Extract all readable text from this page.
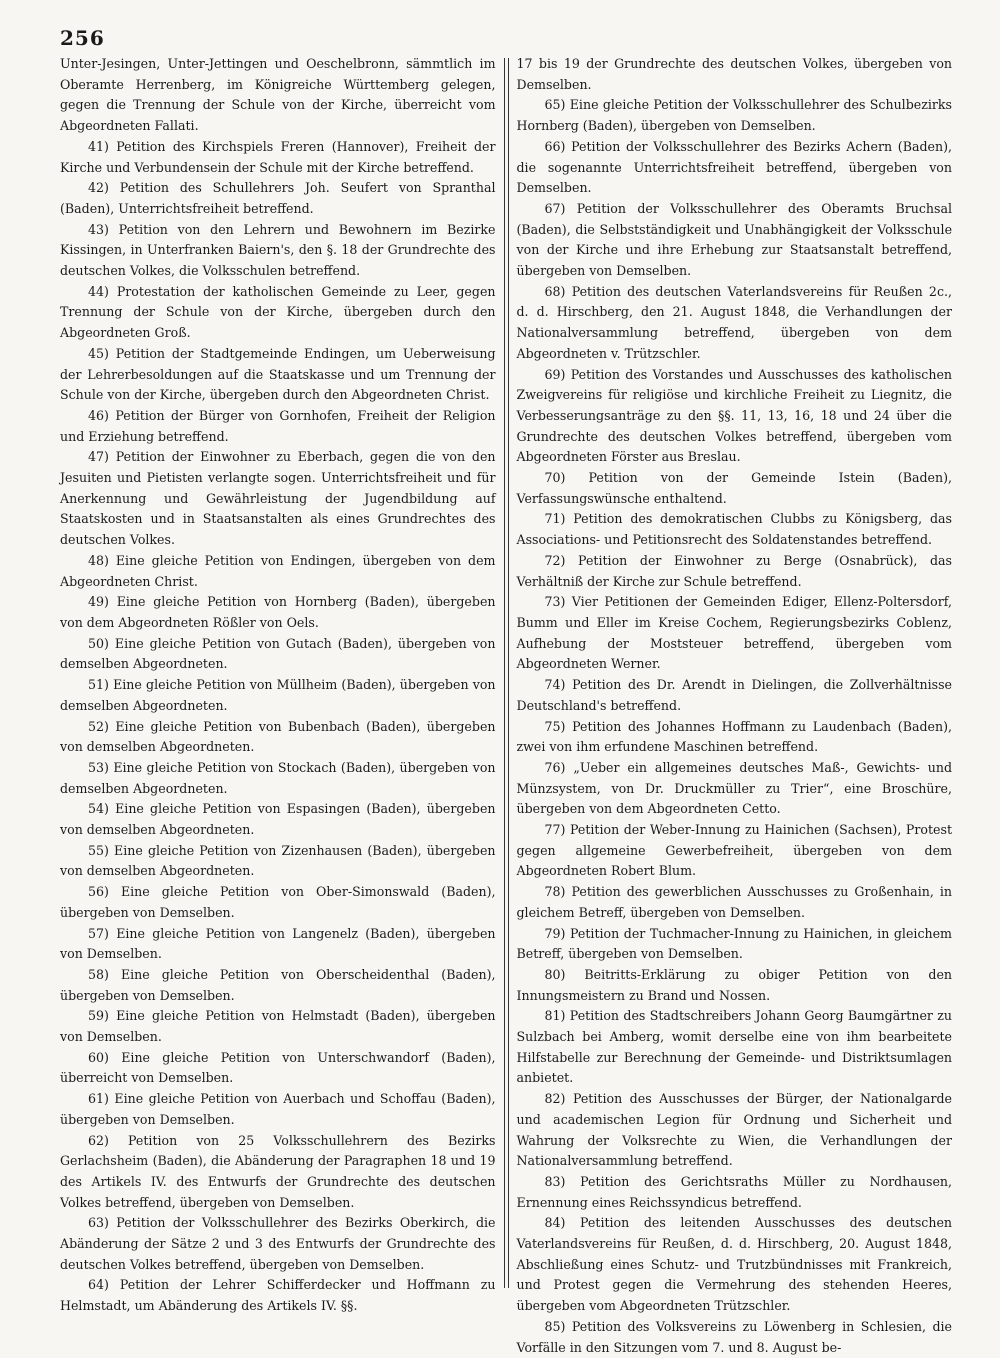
256

Unter-Jesingen, Unter-Jettingen und Oeschelbronn, sämmtlich im Oberamte Herrenberg, im Königreiche Württemberg gelegen, gegen die Trennung der Schule von der Kirche, überreicht vom Abgeordneten Fallati.

41) Petition des Kirchspiels Freren (Hannover), Freiheit der Kirche und Verbundensein der Schule mit der Kirche betreffend.

42) Petition des Schullehrers Joh. Seufert von Spranthal (Baden), Unterrichtsfreiheit betreffend.

43) Petition von den Lehrern und Bewohnern im Bezirke Kissingen, in Unterfranken Baiern's, den §. 18 der Grundrechte des deutschen Volkes, die Volksschulen betreffend.

44) Protestation der katholischen Gemeinde zu Leer, gegen Trennung der Schule von der Kirche, übergeben durch den Abgeordneten Groß.

45) Petition der Stadtgemeinde Endingen, um Ueberweisung der Lehrerbesoldungen auf die Staatskasse und um Trennung der Schule von der Kirche, übergeben durch den Abgeordneten Christ.

46) Petition der Bürger von Gornhofen, Freiheit der Religion und Erziehung betreffend.

47) Petition der Einwohner zu Eberbach, gegen die von den Jesuiten und Pietisten verlangte sogen. Unterrichtsfreiheit und für Anerkennung und Gewährleistung der Jugendbildung auf Staatskosten und in Staatsanstalten als eines Grundrechtes des deutschen Volkes.

48) Eine gleiche Petition von Endingen, übergeben von dem Abgeordneten Christ.

49) Eine gleiche Petition von Hornberg (Baden), übergeben von dem Abgeordneten Rößler von Oels.

50) Eine gleiche Petition von Gutach (Baden), übergeben von demselben Abgeordneten.

51) Eine gleiche Petition von Müllheim (Baden), übergeben von demselben Abgeordneten.

52) Eine gleiche Petition von Bubenbach (Baden), übergeben von demselben Abgeordneten.

53) Eine gleiche Petition von Stockach (Baden), übergeben von demselben Abgeordneten.

54) Eine gleiche Petition von Espasingen (Baden), übergeben von demselben Abgeordneten.

55) Eine gleiche Petition von Zizenhausen (Baden), übergeben von demselben Abgeordneten.

56) Eine gleiche Petition von Ober-Simonswald (Baden), übergeben von Demselben.

57) Eine gleiche Petition von Langenelz (Baden), übergeben von Demselben.

58) Eine gleiche Petition von Oberscheidenthal (Baden), übergeben von Demselben.

59) Eine gleiche Petition von Helmstadt (Baden), übergeben von Demselben.

60) Eine gleiche Petition von Unterschwandorf (Baden), überreicht von Demselben.

61) Eine gleiche Petition von Auerbach und Schoffau (Baden), übergeben von Demselben.

62) Petition von 25 Volksschullehrern des Bezirks Gerlachsheim (Baden), die Abänderung der Paragraphen 18 und 19 des Artikels IV. des Entwurfs der Grundrechte des deutschen Volkes betreffend, übergeben von Demselben.

63) Petition der Volksschullehrer des Bezirks Oberkirch, die Abänderung der Sätze 2 und 3 des Entwurfs der Grundrechte des deutschen Volkes betreffend, übergeben von Demselben.

64) Petition der Lehrer Schifferdecker und Hoffmann zu Helmstadt, um Abänderung des Artikels IV. §§.

17 bis 19 der Grundrechte des deutschen Volkes, übergeben von Demselben.

65) Eine gleiche Petition der Volksschullehrer des Schulbezirks Hornberg (Baden), übergeben von Demselben.

66) Petition der Volksschullehrer des Bezirks Achern (Baden), die sogenannte Unterrichtsfreiheit betreffend, übergeben von Demselben.

67) Petition der Volksschullehrer des Oberamts Bruchsal (Baden), die Selbstständigkeit und Unabhängigkeit der Volksschule von der Kirche und ihre Erhebung zur Staatsanstalt betreffend, übergeben von Demselben.

68) Petition des deutschen Vaterlandsvereins für Reußen 2c., d. d. Hirschberg, den 21. August 1848, die Verhandlungen der Nationalversammlung betreffend, übergeben von dem Abgeordneten v. Trützschler.

69) Petition des Vorstandes und Ausschusses des katholischen Zweigvereins für religiöse und kirchliche Freiheit zu Liegnitz, die Verbesserungsanträge zu den §§. 11, 13, 16, 18 und 24 über die Grundrechte des deutschen Volkes betreffend, übergeben vom Abgeordneten Förster aus Breslau.

70) Petition von der Gemeinde Istein (Baden), Verfassungswünsche enthaltend.

71) Petition des demokratischen Clubbs zu Königsberg, das Associations- und Petitionsrecht des Soldatenstandes betreffend.

72) Petition der Einwohner zu Berge (Osnabrück), das Verhältniß der Kirche zur Schule betreffend.

73) Vier Petitionen der Gemeinden Ediger, Ellenz-Poltersdorf, Bumm und Eller im Kreise Cochem, Regierungsbezirks Coblenz, Aufhebung der Moststeuer betreffend, übergeben vom Abgeordneten Werner.

74) Petition des Dr. Arendt in Dielingen, die Zollverhältnisse Deutschland's betreffend.

75) Petition des Johannes Hoffmann zu Laudenbach (Baden), zwei von ihm erfundene Maschinen betreffend.

76) „Ueber ein allgemeines deutsches Maß-, Gewichts- und Münzsystem, von Dr. Druckmüller zu Trier“, eine Broschüre, übergeben von dem Abgeordneten Cetto.

77) Petition der Weber-Innung zu Hainichen (Sachsen), Protest gegen allgemeine Gewerbefreiheit, übergeben von dem Abgeordneten Robert Blum.

78) Petition des gewerblichen Ausschusses zu Großenhain, in gleichem Betreff, übergeben von Demselben.

79) Petition der Tuchmacher-Innung zu Hainichen, in gleichem Betreff, übergeben von Demselben.

80) Beitritts-Erklärung zu obiger Petition von den Innungsmeistern zu Brand und Nossen.

81) Petition des Stadtschreibers Johann Georg Baumgärtner zu Sulzbach bei Amberg, womit derselbe eine von ihm bearbeitete Hilfstabelle zur Berechnung der Gemeinde- und Distriktsumlagen anbietet.

82) Petition des Ausschusses der Bürger, der Nationalgarde und academischen Legion für Ordnung und Sicherheit und Wahrung der Volksrechte zu Wien, die Verhandlungen der Nationalversammlung betreffend.

83) Petition des Gerichtsraths Müller zu Nordhausen, Ernennung eines Reichssyndicus betreffend.

84) Petition des leitenden Ausschusses des deutschen Vaterlandsvereins für Reußen, d. d. Hirschberg, 20. August 1848, Abschließung eines Schutz- und Trutzbündnisses mit Frankreich, und Protest gegen die Vermehrung des stehenden Heeres, übergeben vom Abgeordneten Trützschler.

85) Petition des Volksvereins zu Löwenberg in Schlesien, die Vorfälle in den Sitzungen vom 7. und 8. August be-
